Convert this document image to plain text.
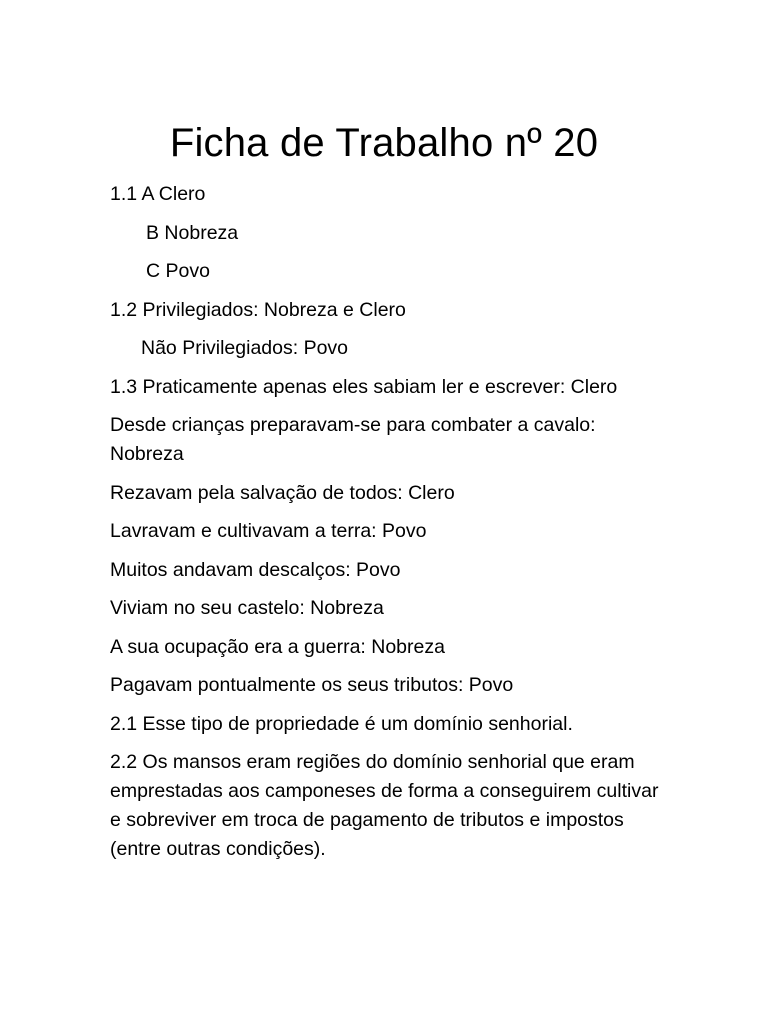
Ficha de Trabalho nº 20

1.1 A Clero

B Nobreza

C Povo

1.2 Privilegiados: Nobreza e Clero

Não Privilegiados: Povo

1.3 Praticamente apenas eles sabiam ler e escrever: Clero

Desde crianças preparavam-se para combater a cavalo: Nobreza

Rezavam pela salvação de todos: Clero

Lavravam e cultivavam a terra: Povo

Muitos andavam descalços: Povo

Viviam no seu castelo: Nobreza

A sua ocupação era a guerra: Nobreza

Pagavam pontualmente os seus tributos: Povo

2.1 Esse tipo de propriedade é um domínio senhorial.

2.2 Os mansos eram regiões do domínio senhorial que eram emprestadas aos camponeses de forma a conseguirem cultivar e sobreviver em troca de pagamento de tributos e impostos (entre outras condições).
